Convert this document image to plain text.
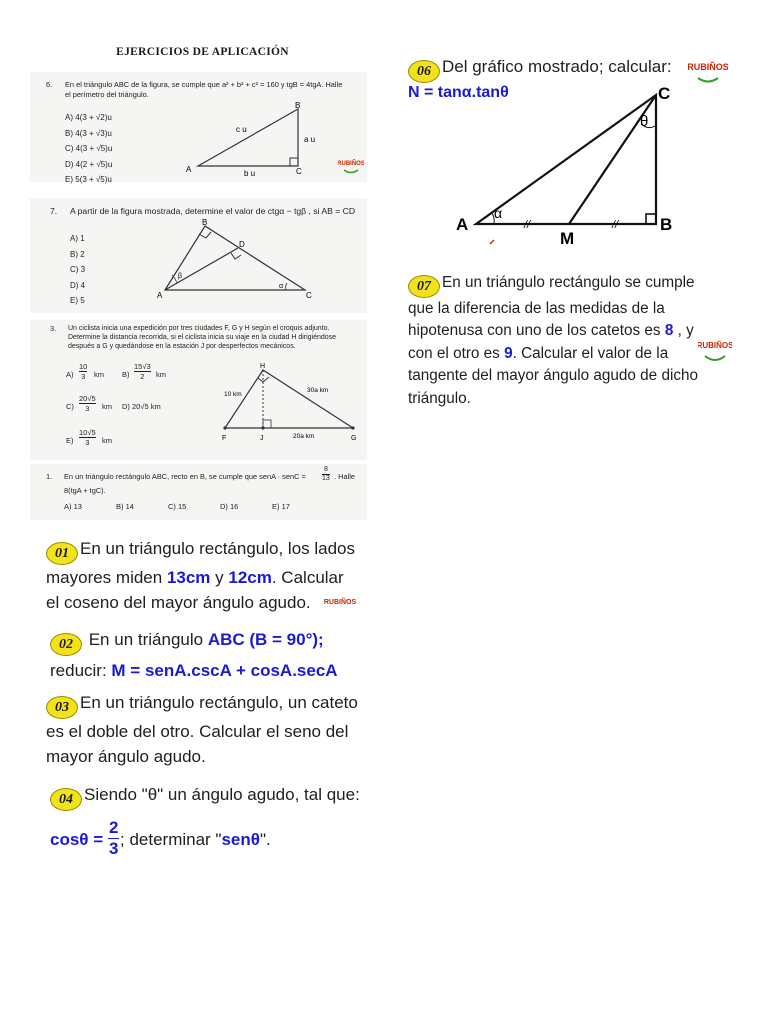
EJERCICIOS DE APLICACIÓN
6.	En el triángulo ABC de la figura, se cumple que a² + b² + c² = 160 y tgB = 4tgA. Halle
el perímetro del triángulo.
A) 4(3 + √2)u
B) 4(3 + √3)u
C) 4(3 + √5)u
D) 4(2 + √5)u
E) 5(3 + √5)u
A
B
C
c u
a u
b u
RUBIÑOS
7. A partir de la figura mostrada, determine el valor de ctgα − tgβ , si AB = CD
A) 1
B) 2
C) 3
D) 4
E) 5
A
B
C
D
β
α
3. Un ciclista inicia una expedición por tres ciudades F, G y H según el croquis adjunto.
Determine la distancia recorrida, si el ciclista inicia su viaje en la ciudad H dirigiéndose
después a G y quedándose en la estación J por desperfectos mecánicos.
$A) \frac{10}{3}$ km $B) \frac{15√3}{2}$ km
$C) \frac{20√5}{3}$ km D) 20√5 km
$E) \frac{10√5}{3}$ km
H
F	J	G
10 km
30a km
20a km
1. En un triángulo rectángulo ABC, recto en B, se cumple que senA · senC = $\frac{8}{13}$ . Halle
8(tgA + tgC).
A) 13	B) 14	C) 15	D) 16	E) 17
01 En un triángulo rectángulo, los lados
mayores miden 13cm y 12cm. Calcular
el coseno del mayor ángulo agudo.	RUBIÑOS
02 En un triángulo ABC (B = 90°);
reducir: M = senA.cscA + cosA.secA
03 En un triángulo rectángulo, un cateto
es el doble del otro. Calcular el seno del
mayor ángulo agudo.
04 Siendo "θ" un ángulo agudo, tal que:
$\cos\theta = \frac{2}{3}$ ; determinar "senθ".
06 Del gráfico mostrado; calcular:
N = tanα.tanθ
RUBIÑOS
A
M
B
C
α
θ
//	//
07 En un triángulo rectángulo se cumple
que la diferencia de las medidas de la
hipotenusa con uno de los catetos es 8 , y
con el otro es 9. Calcular el valor de la
tangente del mayor ángulo agudo de dicho
triángulo.
RUBIÑOS
